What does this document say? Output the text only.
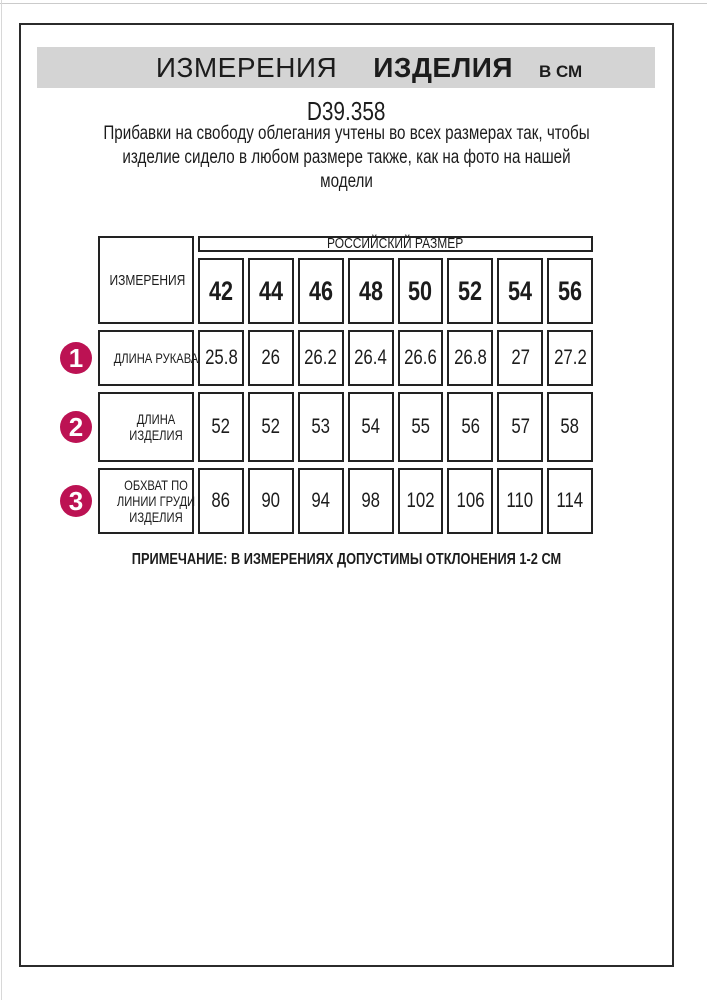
ИЗМЕРЕНИЯ ИЗДЕЛИЯ В СМ
D39.358
Прибавки на свободу облегания учтены во всех размерах так, чтобы
изделие сидело в любом размере также, как на фото на нашей
модели
ИЗМЕРЕНИЯ	РОССИЙСКИЙ РАЗМЕР							
	42	44	46	48	50	52	54	56
ДЛИНА РУКАВА	25.8	26	26.2	26.4	26.6	26.8	27	27.2
ДЛИНА ИЗДЕЛИЯ	52	52	53	54	55	56	57	58
ОБХВАТ ПО ЛИНИИ ГРУДИ ИЗДЕЛИЯ	86	90	94	98	102	106	110	114
1
2
3
ПРИМЕЧАНИЕ: В ИЗМЕРЕНИЯХ ДОПУСТИМЫ ОТКЛОНЕНИЯ 1-2 СМ
